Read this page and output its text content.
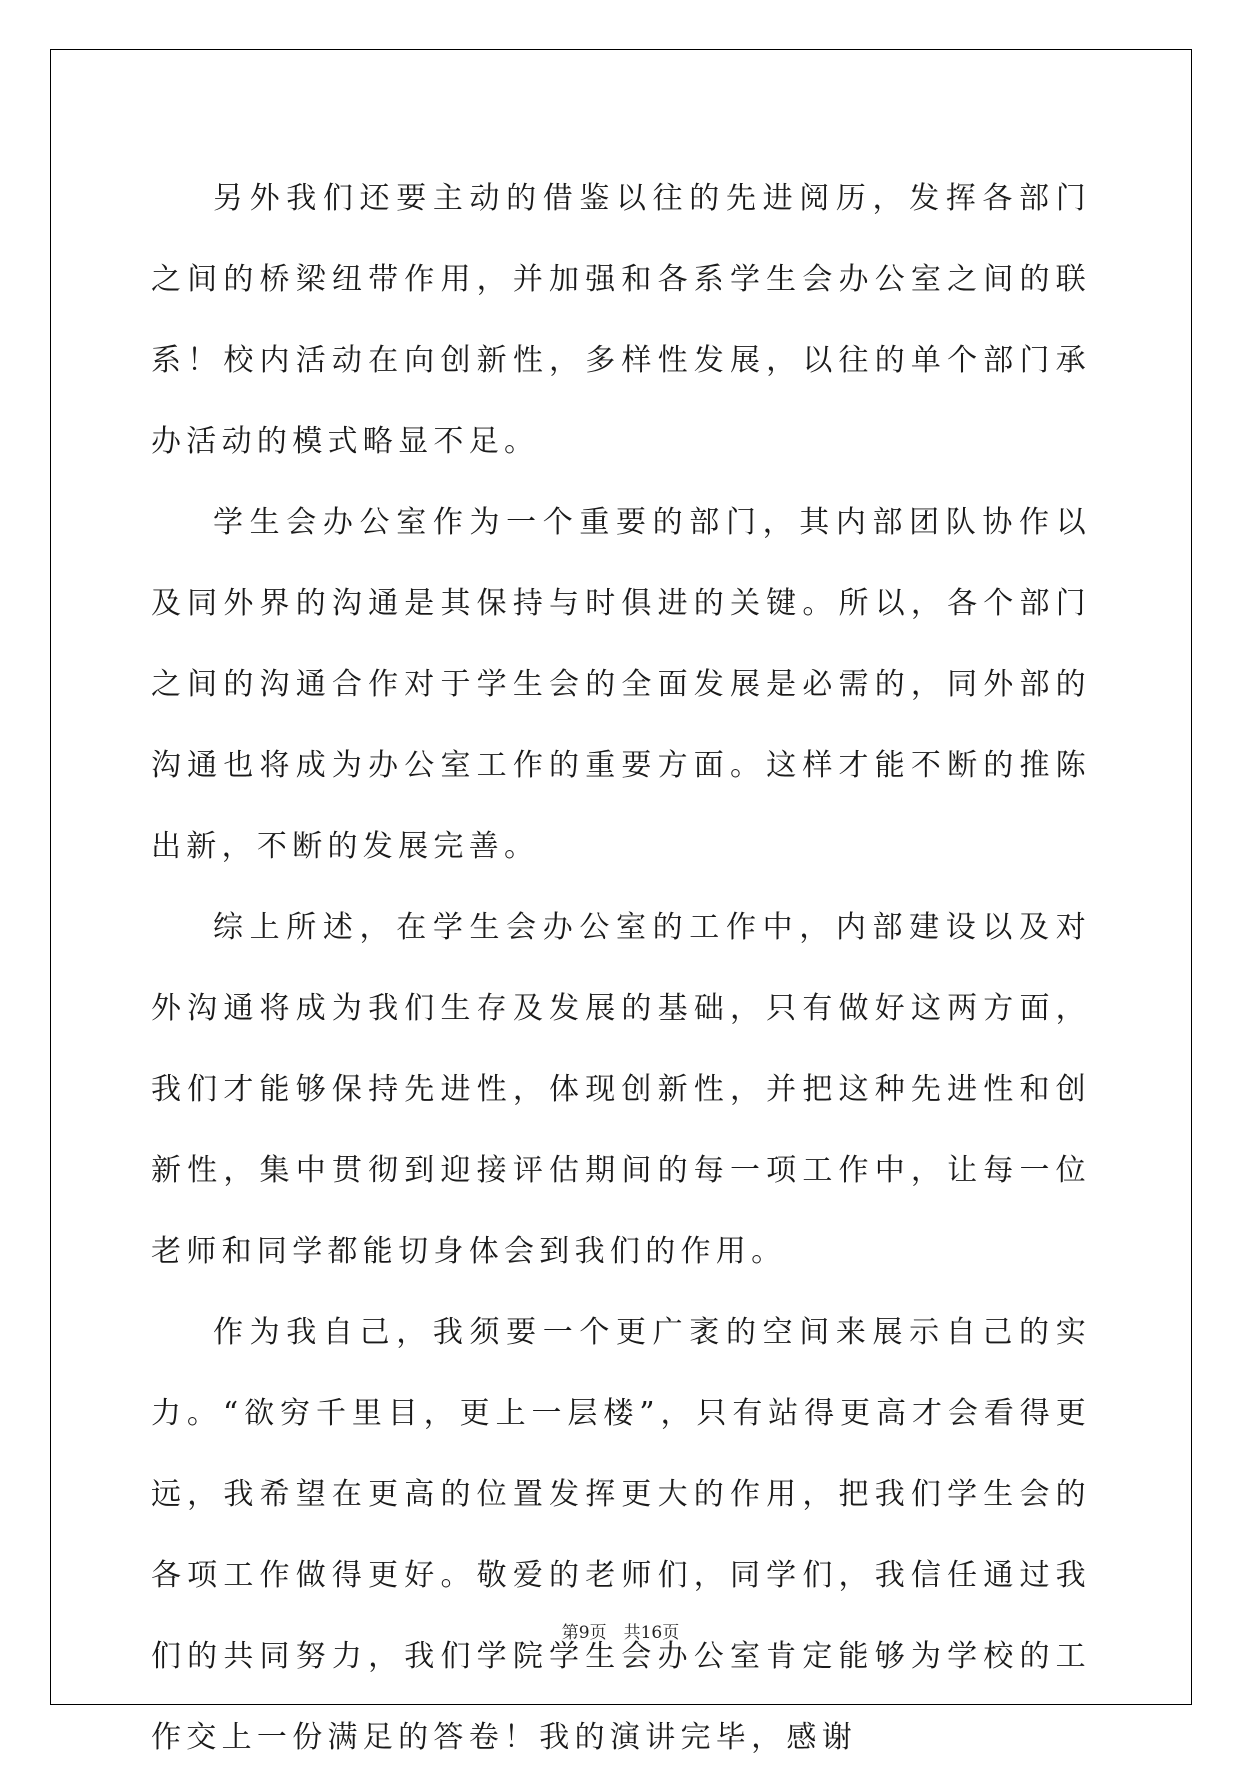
另外我们还要主动的借鉴以往的先进阅历，发挥各部门之间的桥梁纽带作用，并加强和各系学生会办公室之间的联系！校内活动在向创新性，多样性发展，以往的单个部门承办活动的模式略显不足。

学生会办公室作为一个重要的部门，其内部团队协作以及同外界的沟通是其保持与时俱进的关键。所以，各个部门之间的沟通合作对于学生会的全面发展是必需的，同外部的沟通也将成为办公室工作的重要方面。这样才能不断的推陈出新，不断的发展完善。

综上所述，在学生会办公室的工作中，内部建设以及对外沟通将成为我们生存及发展的基础，只有做好这两方面，我们才能够保持先进性，体现创新性，并把这种先进性和创新性，集中贯彻到迎接评估期间的每一项工作中，让每一位老师和同学都能切身体会到我们的作用。

作为我自己，我须要一个更广袤的空间来展示自己的实力。“欲穷千里目，更上一层楼”，只有站得更高才会看得更远，我希望在更高的位置发挥更大的作用，把我们学生会的各项工作做得更好。敬爱的老师们，同学们，我信任通过我们的共同努力，我们学院学生会办公室肯定能够为学校的工作交上一份满足的答卷！我的演讲完毕，感谢

第9页　共16页
